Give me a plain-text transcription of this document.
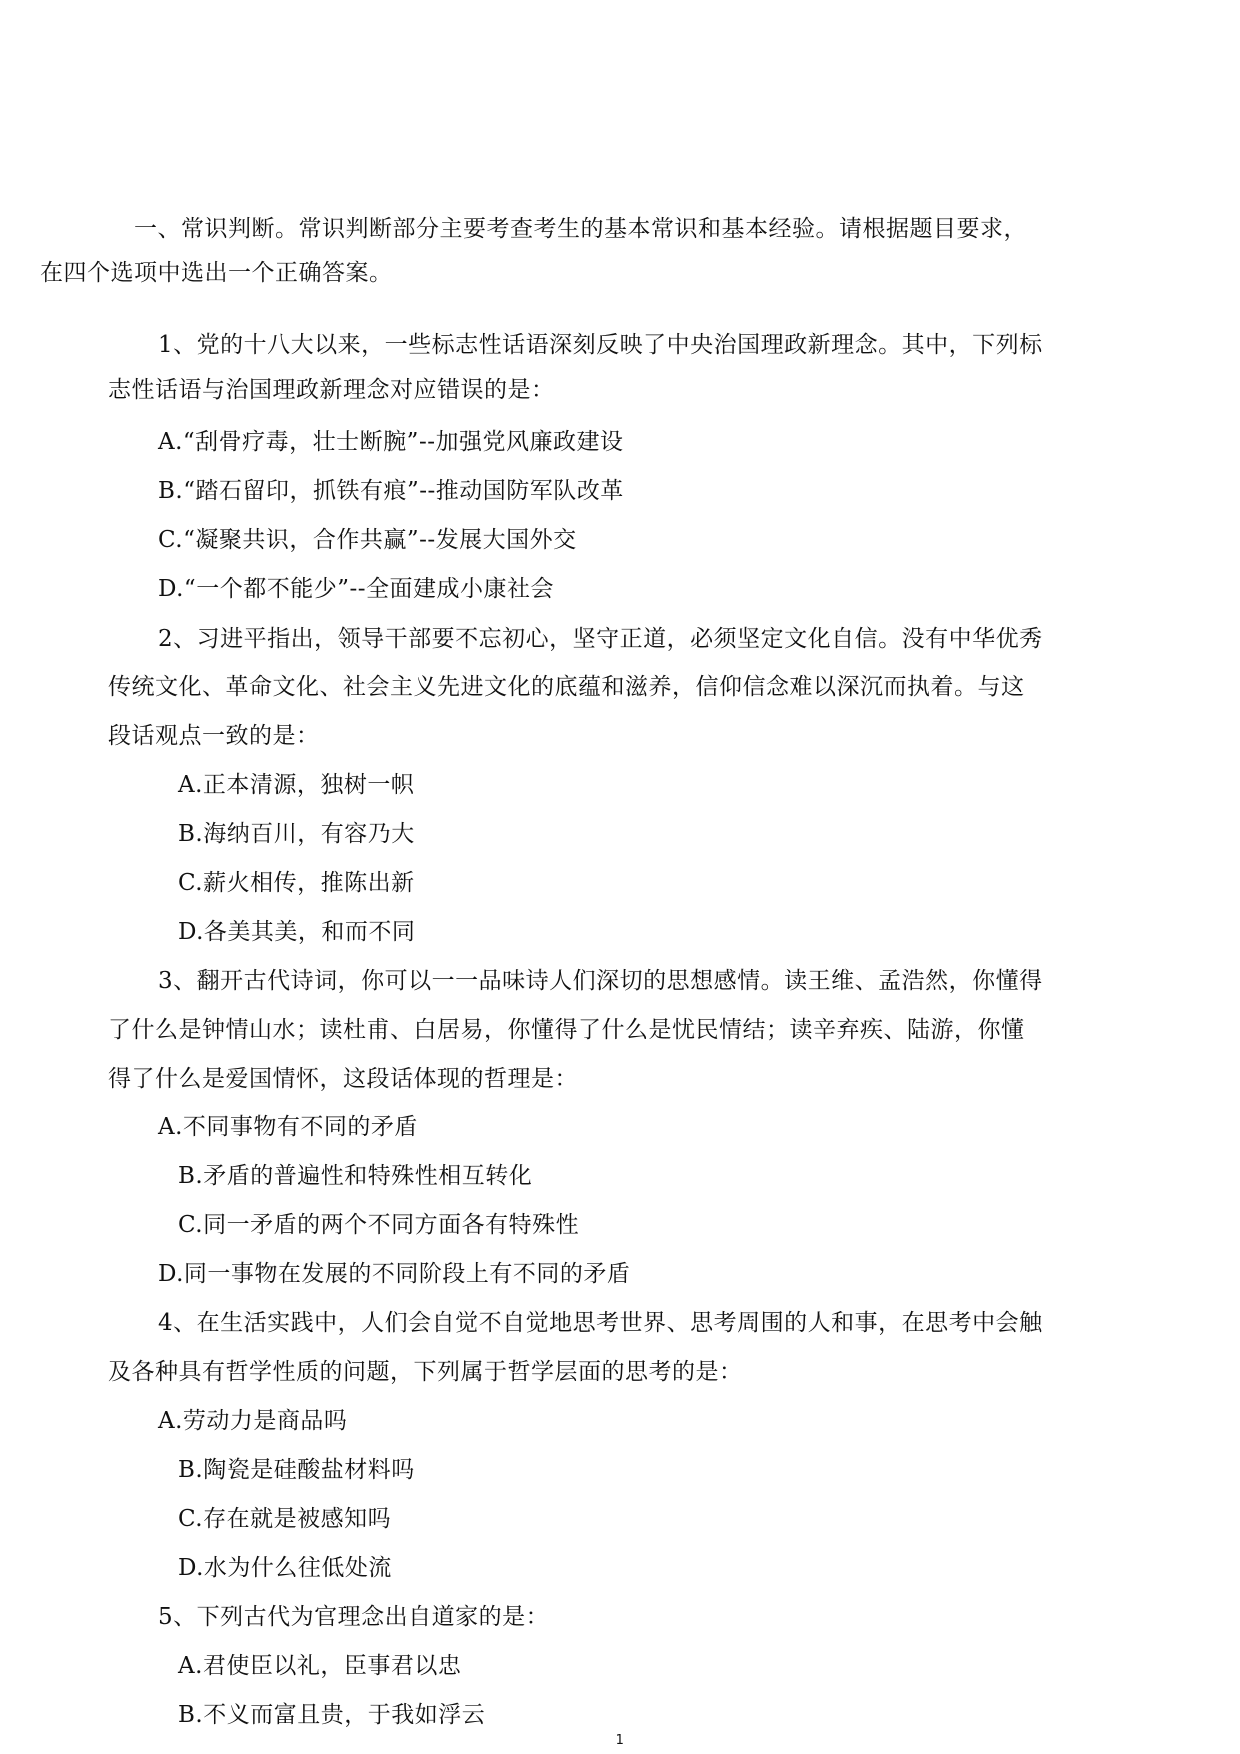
一、常识判断。常识判断部分主要考查考生的基本常识和基本经验。请根据题目要求，
在四个选项中选出一个正确答案。
1、党的十八大以来，一些标志性话语深刻反映了中央治国理政新理念。其中，下列标
志性话语与治国理政新理念对应错误的是：
A.“刮骨疗毒，壮士断腕”--加强党风廉政建设
B.“踏石留印，抓铁有痕”--推动国防军队改革
C.“凝聚共识，合作共赢”--发展大国外交
D.“一个都不能少”--全面建成小康社会
2、习进平指出，领导干部要不忘初心，坚守正道，必须坚定文化自信。没有中华优秀
传统文化、革命文化、社会主义先进文化的底蕴和滋养，信仰信念难以深沉而执着。与这
段话观点一致的是：
A.正本清源，独树一帜
B.海纳百川，有容乃大
C.薪火相传，推陈出新
D.各美其美，和而不同
3、翻开古代诗词，你可以一一品味诗人们深切的思想感情。读王维、孟浩然，你懂得
了什么是钟情山水；读杜甫、白居易，你懂得了什么是忧民情结；读辛弃疾、陆游，你懂
得了什么是爱国情怀，这段话体现的哲理是：
A.不同事物有不同的矛盾
B.矛盾的普遍性和特殊性相互转化
C.同一矛盾的两个不同方面各有特殊性
D.同一事物在发展的不同阶段上有不同的矛盾
4、在生活实践中，人们会自觉不自觉地思考世界、思考周围的人和事，在思考中会触
及各种具有哲学性质的问题，下列属于哲学层面的思考的是：
A.劳动力是商品吗
B.陶瓷是硅酸盐材料吗
C.存在就是被感知吗
D.水为什么往低处流
5、下列古代为官理念出自道家的是：
A.君使臣以礼，臣事君以忠
B.不义而富且贵，于我如浮云
1
